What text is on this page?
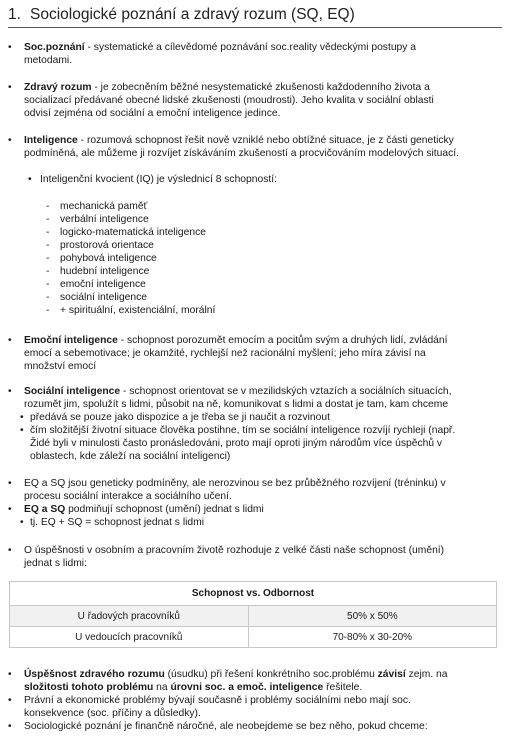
1. Sociologické poznání a zdravý rozum (SQ, EQ)
• Soc.poznání - systematické a cílevědomé poznávání soc.reality vědeckými postupy a
metodami.
• Zdravý rozum - je zobecněním běžné nesystematické zkušenosti každodenního života a
socializací předávané obecné lidské zkušenosti (moudrosti). Jeho kvalita v sociální oblasti
odvisí zejména od sociální a emoční inteligence jedince.
• Inteligence - rozumová schopnost řešit nově vzniklé nebo obtížné situace, je z části geneticky
podmíněná, ale můžeme ji rozvíjet získáváním zkušeností a procvičováním modelových situací.
• Inteligenční kvocient (IQ) je výslednicí 8 schopností:
- mechanická paměť
- verbální inteligence
- logicko-matematická inteligence
- prostorová orientace
- pohybová inteligence
- hudební inteligence
- emoční inteligence
- sociální inteligence
- + spirituální, existenciální, morální
• Emoční inteligence - schopnost porozumět emocím a pocitům svým a druhých lidí, zvládání
emocí a sebemotivace; je okamžité, rychlejší než racionální myšlení; jeho míra závisí na
množství emocí
• Sociální inteligence - schopnost orientovat se v mezilidských vztazích a sociálních situacích,
rozumět jim, spolužít s lidmi, působit na ně, komunikovat s lidmi a dostat je tam, kam chceme
• předává se pouze jako dispozice a je třeba se ji naučit a rozvinout
• čím složitější životní situace člověka postihne, tím se sociální inteligence rozvíjí rychleji (např.
Židé byli v minulosti často pronásledováni, proto mají oproti jiným národům více úspěchů v
oblastech, kde záleží na sociální inteligenci)
• EQ a SQ jsou geneticky podmíněny, ale nerozvinou se bez průběžného rozvíjení (tréninku) v
procesu sociální interakce a sociálního učení.
• EQ a SQ podmiňují schopnost (umění) jednat s lidmi
• tj. EQ + SQ = schopnost jednat s lidmi
• O úspěšnosti v osobním a pracovním životě rozhoduje z velké části naše schopnost (umění)
jednat s lidmi:
Schopnost vs. Odbornost	
U řadových pracovníků	50% x 50%
U vedoucích pracovníků	70-80% x 30-20%
• Úspěšnost zdravého rozumu (úsudku) při řešení konkrétního soc.problému závisí zejm. na
složitosti tohoto problému na úrovni soc. a emoč. inteligence řešitele.
• Právní a ekonomické problémy bývají současně i problémy sociálními nebo mají soc.
konsekvence (soc. příčiny a důsledky).
• Sociologické poznání je finančně náročné, ale neobejdeme se bez něho, pokud chceme:
